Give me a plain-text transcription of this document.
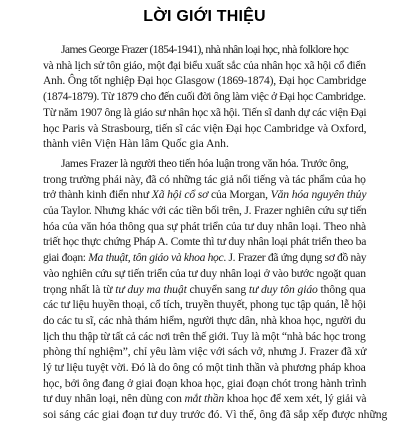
LỜI GIỚI THIỆU

James George Frazer (1854-1941), nhà nhân loại học, nhà folklore học
và nhà lịch sử tôn giáo, một đại biểu xuất sắc của nhân học xã hội cổ điển
Anh. Ông tốt nghiệp Đại học Glasgow (1869-1874), Đại học Cambridge
(1874-1879). Từ 1879 cho đến cuối đời ông làm việc ở Đại học Cambridge.
Từ năm 1907 ông là giáo sư nhân học xã hội. Tiến sĩ danh dự các viện Đại
học Paris và Strasbourg, tiến sĩ các viện Đại học Cambridge và Oxford,
thành viên Viện Hàn lâm Quốc gia Anh.

James Frazer là người theo tiến hóa luận trong văn hóa. Trước ông,
trong trường phái này, đã có những tác giả nổi tiếng và tác phẩm của họ
trở thành kinh điển như Xã hội cổ sơ của Morgan, Văn hóa nguyên thủy
của Taylor. Nhưng khác với các tiền bối trên, J. Frazer nghiên cứu sự tiến
hóa của văn hóa thông qua sự phát triển của tư duy nhân loại. Theo nhà
triết học thực chứng Pháp A. Comte thì tư duy nhân loại phát triển theo ba
giai đoạn: Ma thuật, tôn giáo và khoa học. J. Frazer đã ứng dụng sơ đồ này
vào nghiên cứu sự tiến triển của tư duy nhân loại ở vào bước ngoặt quan
trọng nhất là từ tư duy ma thuật chuyển sang tư duy tôn giáo thông qua
các tư liệu huyền thoại, cổ tích, truyền thuyết, phong tục tập quán, lễ hội
do các tu sĩ, các nhà thám hiểm, người thực dân, nhà khoa học, người du
lịch thu thập từ tất cả các nơi trên thế giới. Tuy là một “nhà bác học trong
phòng thí nghiệm”, chỉ yêu làm việc với sách vở, nhưng J. Frazer đã xử
lý tư liệu tuyệt vời. Đó là do ông có một tinh thần và phương pháp khoa
học, bởi ông đang ở giai đoạn khoa học, giai đoạn chót trong hành trình
tư duy nhân loại, nên dùng con mắt thần khoa học để xem xét, lý giải và
soi sáng các giai đoạn tư duy trước đó. Vì thế, ông đã sắp xếp được những
